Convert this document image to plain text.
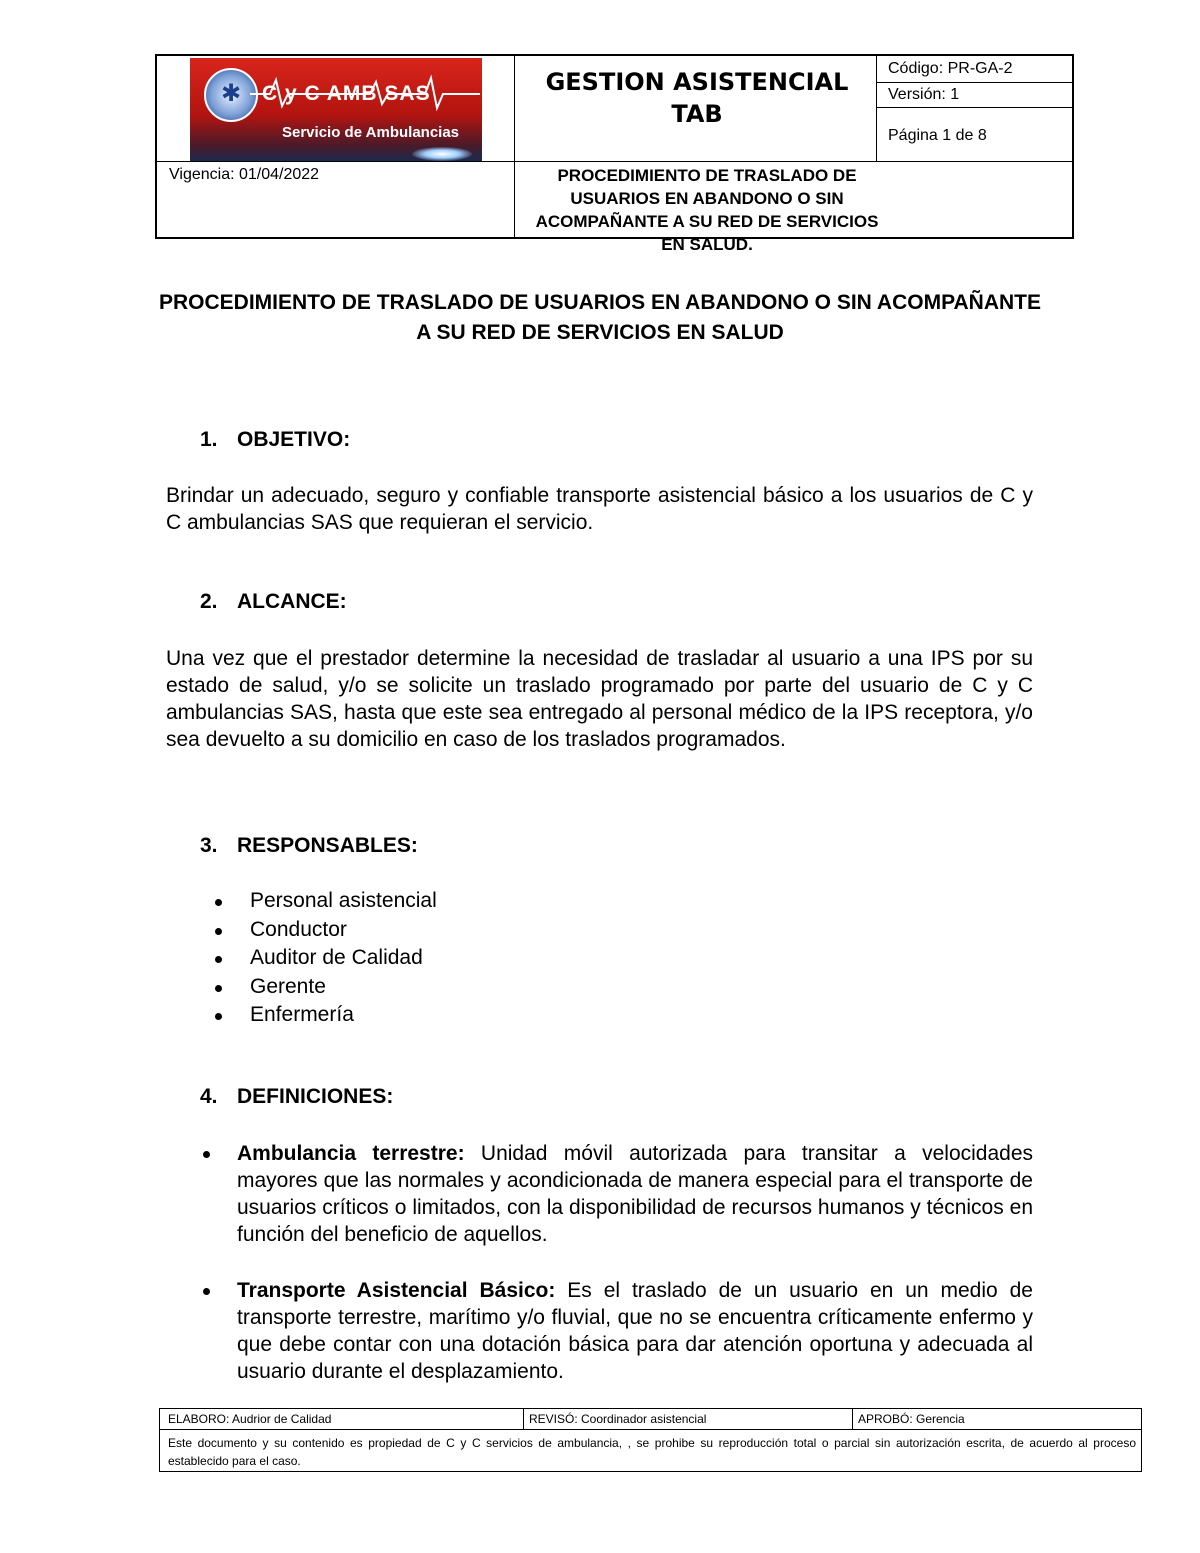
✱ C y C AMB SAS
Servicio de Ambulancias
GESTION ASISTENCIAL TAB
Código: PR-GA-2
Versión: 1
Página 1 de 8
Vigencia: 01/04/2022	PROCEDIMIENTO DE TRASLADO DE USUARIOS EN ABANDONO O SIN ACOMPAÑANTE A SU RED DE SERVICIOS EN SALUD.
PROCEDIMIENTO DE TRASLADO DE USUARIOS EN ABANDONO O SIN ACOMPAÑANTE A SU RED DE SERVICIOS EN SALUD
1. OBJETIVO:
Brindar un adecuado, seguro y confiable transporte asistencial básico a los usuarios de C y C ambulancias SAS que requieran el servicio.
2. ALCANCE:
Una vez que el prestador determine la necesidad de trasladar al usuario a una IPS por su estado de salud, y/o se solicite un traslado programado por parte del usuario de C y C ambulancias SAS, hasta que este sea entregado al personal médico de la IPS receptora, y/o sea devuelto a su domicilio en caso de los traslados programados.
3. RESPONSABLES:
Personal asistencial
Conductor
Auditor de Calidad
Gerente
Enfermería
4. DEFINICIONES:
Ambulancia terrestre: Unidad móvil autorizada para transitar a velocidades mayores que las normales y acondicionada de manera especial para el transporte de usuarios críticos o limitados, con la disponibilidad de recursos humanos y técnicos en función del beneficio de aquellos.
Transporte Asistencial Básico: Es el traslado de un usuario en un medio de transporte terrestre, marítimo y/o fluvial, que no se encuentra críticamente enfermo y que debe contar con una dotación básica para dar atención oportuna y adecuada al usuario durante el desplazamiento.
ELABORO: Audrior de Calidad	REVISÓ: Coordinador asistencial	APROBÓ: Gerencia
Este documento y su contenido es propiedad de C y C servicios de ambulancia, , se prohibe su reproducción total o parcial sin autorización escrita, de acuerdo al proceso establecido para el caso.
